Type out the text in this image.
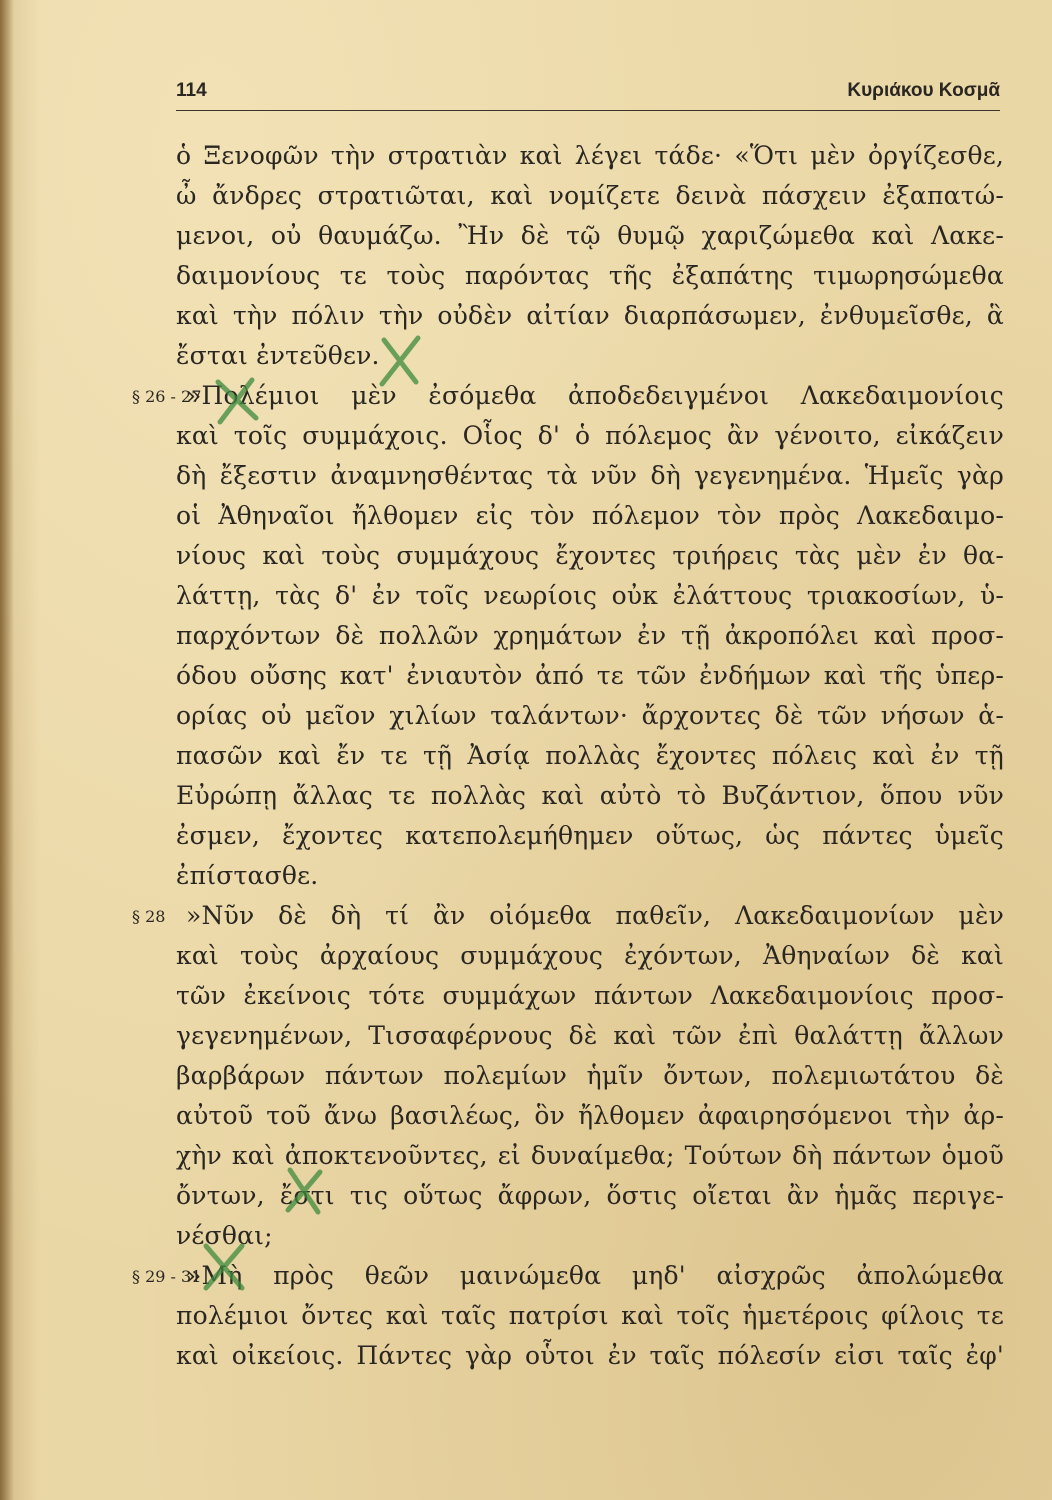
114	Κυριάκου Κοσμᾶ
ὁ Ξενοφῶν τὴν στρατιὰν καὶ λέγει τάδε· «Ὅτι μὲν ὀργίζεσθε,
ὦ ἄνδρες στρατιῶται, καὶ νομίζετε δεινὰ πάσχειν ἐξαπατώ-
μενοι, οὐ θαυμάζω. Ἢν δὲ τῷ θυμῷ χαριζώμεθα καὶ Λακε-
δαιμονίους τε τοὺς παρόντας τῆς ἐξαπάτης τιμωρησώμεθα
καὶ τὴν πόλιν τὴν οὐδὲν αἰτίαν διαρπάσωμεν, ἐνθυμεῖσθε, ἃ
ἔσται ἐντεῦθεν.
§ 26 - 27
»Πολέμιοι μὲν ἐσόμεθα ἀποδεδειγμένοι Λακεδαιμονίοις
καὶ τοῖς συμμάχοις. Οἷος δ' ὁ πόλεμος ἂν γένοιτο, εἰκάζειν
δὴ ἔξεστιν ἀναμνησθέντας τὰ νῦν δὴ γεγενημένα. Ἡμεῖς γὰρ
οἱ Ἀθηναῖοι ἤλθομεν εἰς τὸν πόλεμον τὸν πρὸς Λακεδαιμο-
νίους καὶ τοὺς συμμάχους ἔχοντες τριήρεις τὰς μὲν ἐν θα-
λάττῃ, τὰς δ' ἐν τοῖς νεωρίοις οὐκ ἐλάττους τριακοσίων, ὑ-
παρχόντων δὲ πολλῶν χρημάτων ἐν τῇ ἀκροπόλει καὶ προσ-
όδου οὔσης κατ' ἐνιαυτὸν ἀπό τε τῶν ἐνδήμων καὶ τῆς ὑπερ-
ορίας οὐ μεῖον χιλίων ταλάντων· ἄρχοντες δὲ τῶν νήσων ἁ-
πασῶν καὶ ἔν τε τῇ Ἀσίᾳ πολλὰς ἔχοντες πόλεις καὶ ἐν τῇ
Εὐρώπῃ ἄλλας τε πολλὰς καὶ αὐτὸ τὸ Βυζάντιον, ὅπου νῦν
ἐσμεν, ἔχοντες κατεπολεμήθημεν οὕτως, ὡς πάντες ὑμεῖς
ἐπίστασθε.
§ 28 »Νῦν δὲ δὴ τί ἂν οἰόμεθα παθεῖν, Λακεδαιμονίων μὲν
καὶ τοὺς ἀρχαίους συμμάχους ἐχόντων, Ἀθηναίων δὲ καὶ
τῶν ἐκείνοις τότε συμμάχων πάντων Λακεδαιμονίοις προσ-
γεγενημένων, Τισσαφέρνους δὲ καὶ τῶν ἐπὶ θαλάττῃ ἄλλων
βαρβάρων πάντων πολεμίων ἡμῖν ὄντων, πολεμιωτάτου δὲ
αὐτοῦ τοῦ ἄνω βασιλέως, ὃν ἤλθομεν ἀφαιρησόμενοι τὴν ἀρ-
χὴν καὶ ἀποκτενοῦντες, εἰ δυναίμεθα; Τούτων δὴ πάντων ὁμοῦ
ὄντων, ἔστι τις οὕτως ἄφρων, ὅστις οἴεται ἂν ἡμᾶς περιγε-
νέσθαι;
§ 29 - 31
»Μὴ πρὸς θεῶν μαινώμεθα μηδ' αἰσχρῶς ἀπολώμεθα
πολέμιοι ὄντες καὶ ταῖς πατρίσι καὶ τοῖς ἡμετέροις φίλοις τε
καὶ οἰκείοις. Πάντες γὰρ οὗτοι ἐν ταῖς πόλεσίν εἰσι ταῖς ἐφ'
